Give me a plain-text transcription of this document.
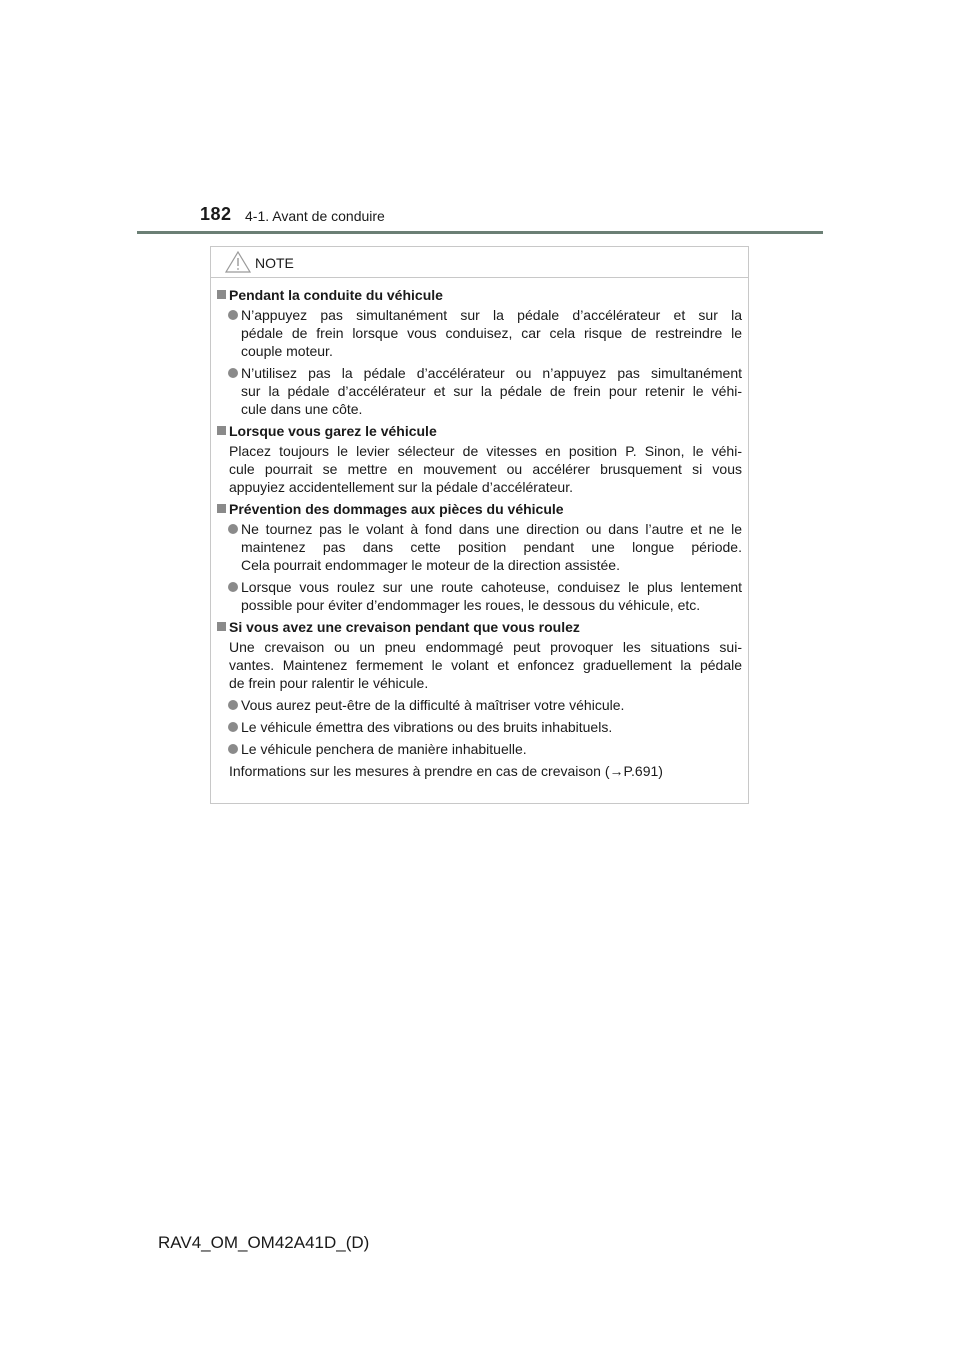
182 4-1. Avant de conduire
NOTE
Pendant la conduite du véhicule
N’appuyez pas simultanément sur la pédale d’accélérateur et sur la
pédale de frein lorsque vous conduisez, car cela risque de restreindre le
couple moteur.
N’utilisez pas la pédale d’accélérateur ou n’appuyez pas simultanément
sur la pédale d’accélérateur et sur la pédale de frein pour retenir le véhi-
cule dans une côte.
Lorsque vous garez le véhicule
Placez toujours le levier sélecteur de vitesses en position P. Sinon, le véhi-
cule pourrait se mettre en mouvement ou accélérer brusquement si vous
appuyiez accidentellement sur la pédale d’accélérateur.
Prévention des dommages aux pièces du véhicule
Ne tournez pas le volant à fond dans une direction ou dans l’autre et ne le
maintenez pas dans cette position pendant une longue période.
Cela pourrait endommager le moteur de la direction assistée.
Lorsque vous roulez sur une route cahoteuse, conduisez le plus lentement
possible pour éviter d’endommager les roues, le dessous du véhicule, etc.
Si vous avez une crevaison pendant que vous roulez
Une crevaison ou un pneu endommagé peut provoquer les situations sui-
vantes. Maintenez fermement le volant et enfoncez graduellement la pédale
de frein pour ralentir le véhicule.
Vous aurez peut-être de la difficulté à maîtriser votre véhicule.
Le véhicule émettra des vibrations ou des bruits inhabituels.
Le véhicule penchera de manière inhabituelle.
Informations sur les mesures à prendre en cas de crevaison (→P.691)
RAV4_OM_OM42A41D_(D)
